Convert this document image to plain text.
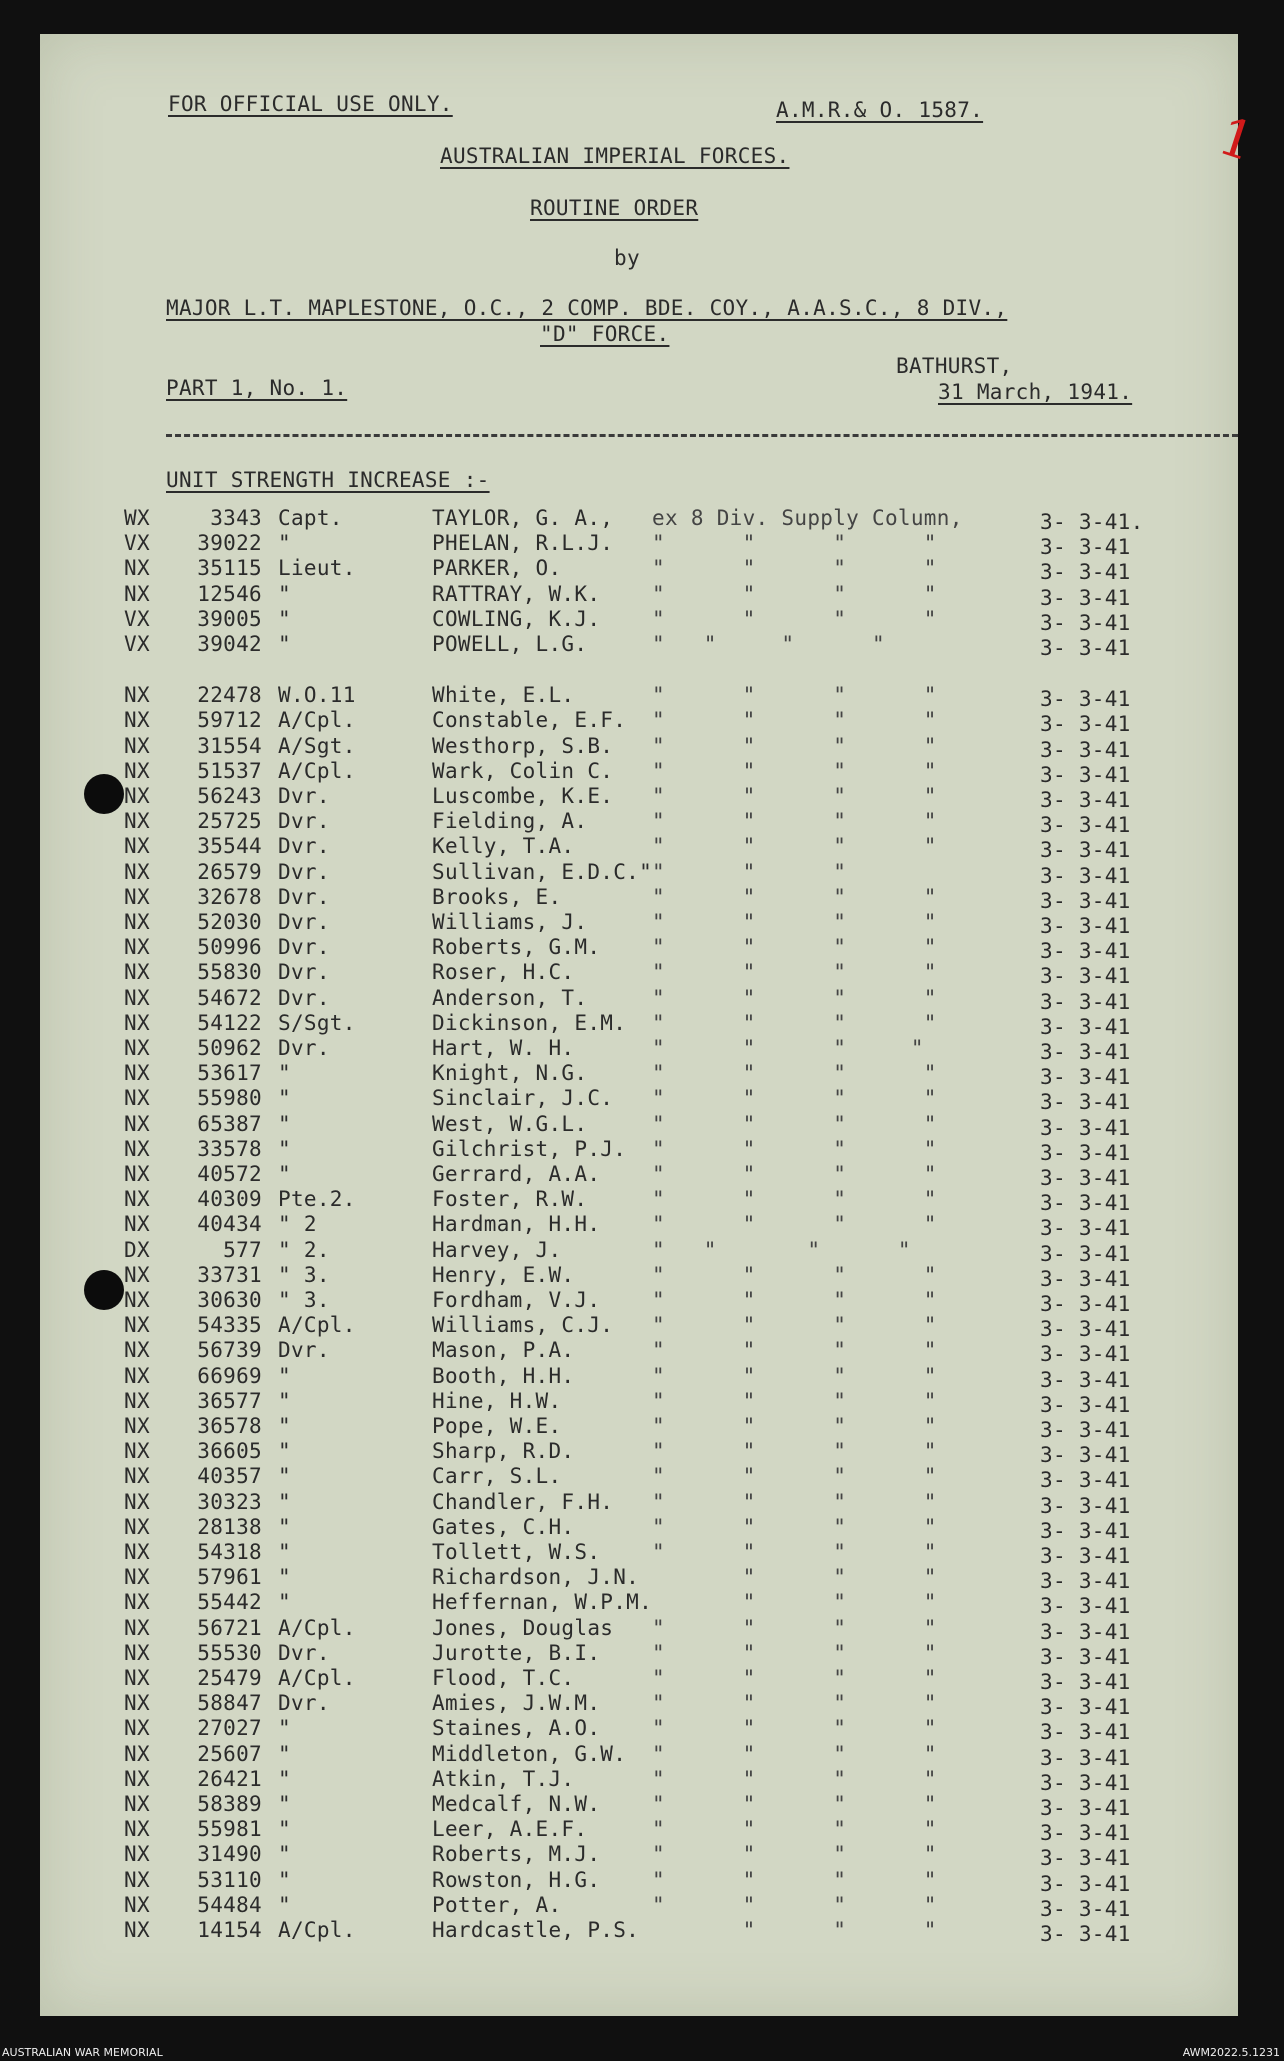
FOR OFFICIAL USE ONLY.	A.M.R.& O. 1587.	1
AUSTRALIAN IMPERIAL FORCES.
ROUTINE ORDER
by
MAJOR L.T. MAPLESTONE, O.C., 2 COMP. BDE. COY., A.A.S.C., 8 DIV.,
"D" FORCE.
BATHURST,
PART 1, No. 1.	31 March, 1941.
UNIT STRENGTH INCREASE :-
WX	3343 Capt.	TAYLOR, G. A., ex 8 Div. Supply Column,	3- 3-41.
VX	39022 "	PHELAN, R.L.J. "      "      "      "	3- 3-41
NX	35115 Lieut.	PARKER, O.	"      "      "      "	3- 3-41
NX	12546 "	RATTRAY, W.K. "      "      "      "	3- 3-41
VX	39005 "	COWLING, K.J. "      "      "      "	3- 3-41
VX	39042 "	POWELL, L.G.	"   "     "      "	3- 3-41
NX	22478 W.O.11	White, E.L.	"      "      "      "	3- 3-41
NX	59712 A/Cpl.	Constable, E.F. "      "      "      "	3- 3-41
NX	31554 A/Sgt.	Westhorp, S.B. "      "      "      "	3- 3-41
NX	51537 A/Cpl.	Wark, Colin C. "      "      "      "	3- 3-41
NX	56243 Dvr.	Luscombe, K.E. "      "      "      "	3- 3-41
NX	25725 Dvr.	Fielding, A.	"      "      "      "	3- 3-41
NX	35544 Dvr.	Kelly, T.A.	"      "      "      "	3- 3-41
NX	26579 Dvr.	Sullivan, E.D.C." "      "      "	3- 3-41
NX	32678 Dvr.	Brooks, E.	"      "      "      "	3- 3-41
NX	52030 Dvr.	Williams, J.	"      "      "      "	3- 3-41
NX	50996 Dvr.	Roberts, G.M. "      "      "      "	3- 3-41
NX	55830 Dvr.	Roser, H.C.	"      "      "      "	3- 3-41
NX	54672 Dvr.	Anderson, T.	"      "      "      "	3- 3-41
NX	54122 S/Sgt.	Dickinson, E.M. "      "      "      "	3- 3-41
NX	50962 Dvr.	Hart, W. H.	"      "      "     "	3- 3-41
NX	53617 "	Knight, N.G.	"      "      "      "	3- 3-41
NX	55980 "	Sinclair, J.C. "      "      "      "	3- 3-41
NX	65387 "	West, W.G.L.	"      "      "      "	3- 3-41
NX	33578 "	Gilchrist, P.J. "      "      "      "	3- 3-41
NX	40572 "	Gerrard, A.A. "      "      "      "	3- 3-41
NX	40309 Pte.2.	Foster, R.W.	"      "      "      "	3- 3-41
NX	40434 " 2	Hardman, H.H. "      "      "      "	3- 3-41
DX	577 " 2.	Harvey, J.	"   "       "      "	3- 3-41
NX	33731 " 3.	Henry, E.W.	"      "      "      "	3- 3-41
NX	30630 " 3.	Fordham, V.J. "      "      "      "	3- 3-41
NX	54335 A/Cpl.	Williams, C.J. "      "      "      "	3- 3-41
NX	56739 Dvr.	Mason, P.A.	"      "      "      "	3- 3-41
NX	66969 "	Booth, H.H.	"      "      "      "	3- 3-41
NX	36577 "	Hine, H.W.	"      "      "      "	3- 3-41
NX	36578 "	Pope, W.E.	"      "      "      "	3- 3-41
NX	36605 "	Sharp, R.D.	"      "      "      "	3- 3-41
NX	40357 "	Carr, S.L.	"      "      "      "	3- 3-41
NX	30323 "	Chandler, F.H. "      "      "      "	3- 3-41
NX	28138 "	Gates, C.H.	"      "      "      "	3- 3-41
NX	54318 "	Tollett, W.S. "      "      "      "	3- 3-41
NX	57961 "	Richardson, J.N. "      "      "	3- 3-41
NX	55442 "	Heffernan, W.P.M. "      "      "	3- 3-41
NX	56721 A/Cpl.	Jones, Douglas "      "      "      "	3- 3-41
NX	55530 Dvr.	Jurotte, B.I. "      "      "      "	3- 3-41
NX	25479 A/Cpl.	Flood, T.C.	"      "      "      "	3- 3-41
NX	58847 Dvr.	Amies, J.W.M. "      "      "      "	3- 3-41
NX	27027 "	Staines, A.O. "      "      "      "	3- 3-41
NX	25607 "	Middleton, G.W. "      "      "      "	3- 3-41
NX	26421 "	Atkin, T.J.	"      "      "      "	3- 3-41
NX	58389 "	Medcalf, N.W. "      "      "      "	3- 3-41
NX	55981 "	Leer, A.E.F.	"      "      "      "	3- 3-41
NX	31490 "	Roberts, M.J. "      "      "      "	3- 3-41
NX	53110 "	Rowston, H.G. "      "      "      "	3- 3-41
NX	54484 "	Potter, A.	"      "      "      "	3- 3-41
NX	14154 A/Cpl.	Hardcastle, P.S. "      "      "	3- 3-41
AUSTRALIAN WAR MEMORIAL	AWM2022.5.1231
